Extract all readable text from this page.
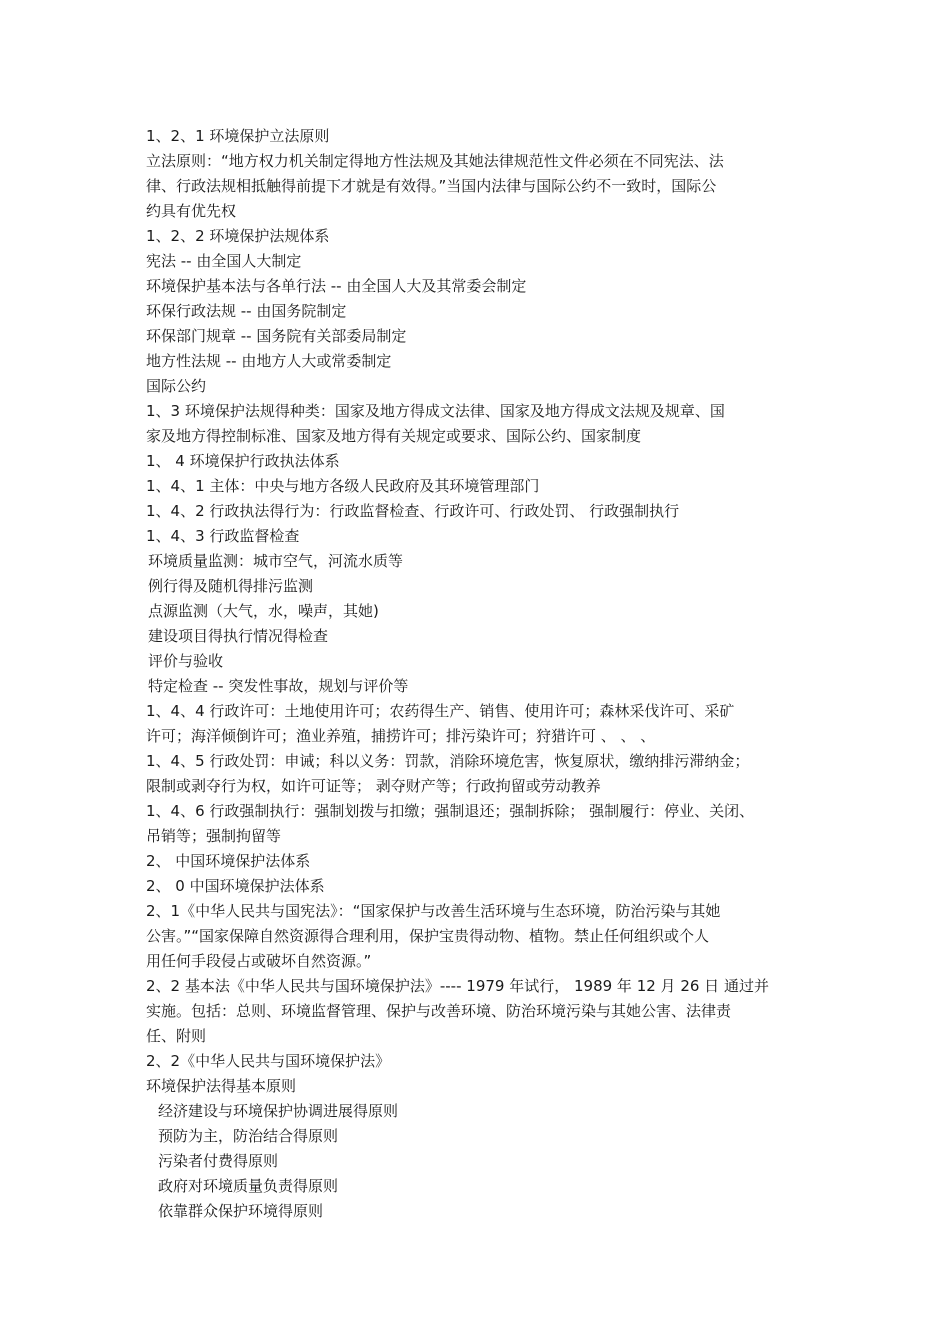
1、2、1 环境保护立法原则
立法原则：“地方权力机关制定得地方性法规及其她法律规范性文件必须在不同宪法、法
律、行政法规相抵触得前提下才就是有效得。”当国内法律与国际公约不一致时，国际公
约具有优先权
1、2、2 环境保护法规体系
宪法 -- 由全国人大制定
环境保护基本法与各单行法 -- 由全国人大及其常委会制定
环保行政法规 -- 由国务院制定
环保部门规章 -- 国务院有关部委局制定
地方性法规 -- 由地方人大或常委制定
国际公约
1、3 环境保护法规得种类：国家及地方得成文法律、国家及地方得成文法规及规章、国
家及地方得控制标准、国家及地方得有关规定或要求、国际公约、国家制度
1、 4 环境保护行政执法体系
1、4、1 主体：中央与地方各级人民政府及其环境管理部门
1、4、2 行政执法得行为：行政监督检查、行政许可、行政处罚、 行政强制执行
1、4、3 行政监督检查
环境质量监测：城市空气，河流水质等
例行得及随机得排污监测
点源监测（大气，水，噪声，其她)
建设项目得执行情况得检查
评价与验收
特定检查 -- 突发性事故，规划与评价等
1、4、4 行政许可：土地使用许可；农药得生产、销售、使用许可；森林采伐许可、采矿
许可；海洋倾倒许可；渔业养殖，捕捞许可；排污染许可；狩猎许可 、 、 、
1、4、5 行政处罚：申诫；科以义务：罚款，消除环境危害，恢复原状，缴纳排污滞纳金；
限制或剥夺行为权，如许可证等； 剥夺财产等；行政拘留或劳动教养
1、4、6 行政强制执行：强制划拨与扣缴；强制退还；强制拆除； 强制履行：停业、关闭、
吊销等；强制拘留等
2、 中国环境保护法体系
2、 0 中国环境保护法体系
2、1《中华人民共与国宪法》：“国家保护与改善生活环境与生态环境，防治污染与其她
公害。”“国家保障自然资源得合理利用，保护宝贵得动物、植物。禁止任何组织或个人
用任何手段侵占或破坏自然资源。”
2、2 基本法《中华人民共与国环境保护法》---- 1979 年试行， 1989 年 12 月 26 日 通过并
实施。包括：总则、环境监督管理、保护与改善环境、防治环境污染与其她公害、法律责
任、附则
2、2《中华人民共与国环境保护法》
环境保护法得基本原则
经济建设与环境保护协调进展得原则
预防为主，防治结合得原则
污染者付费得原则
政府对环境质量负责得原则
依靠群众保护环境得原则
